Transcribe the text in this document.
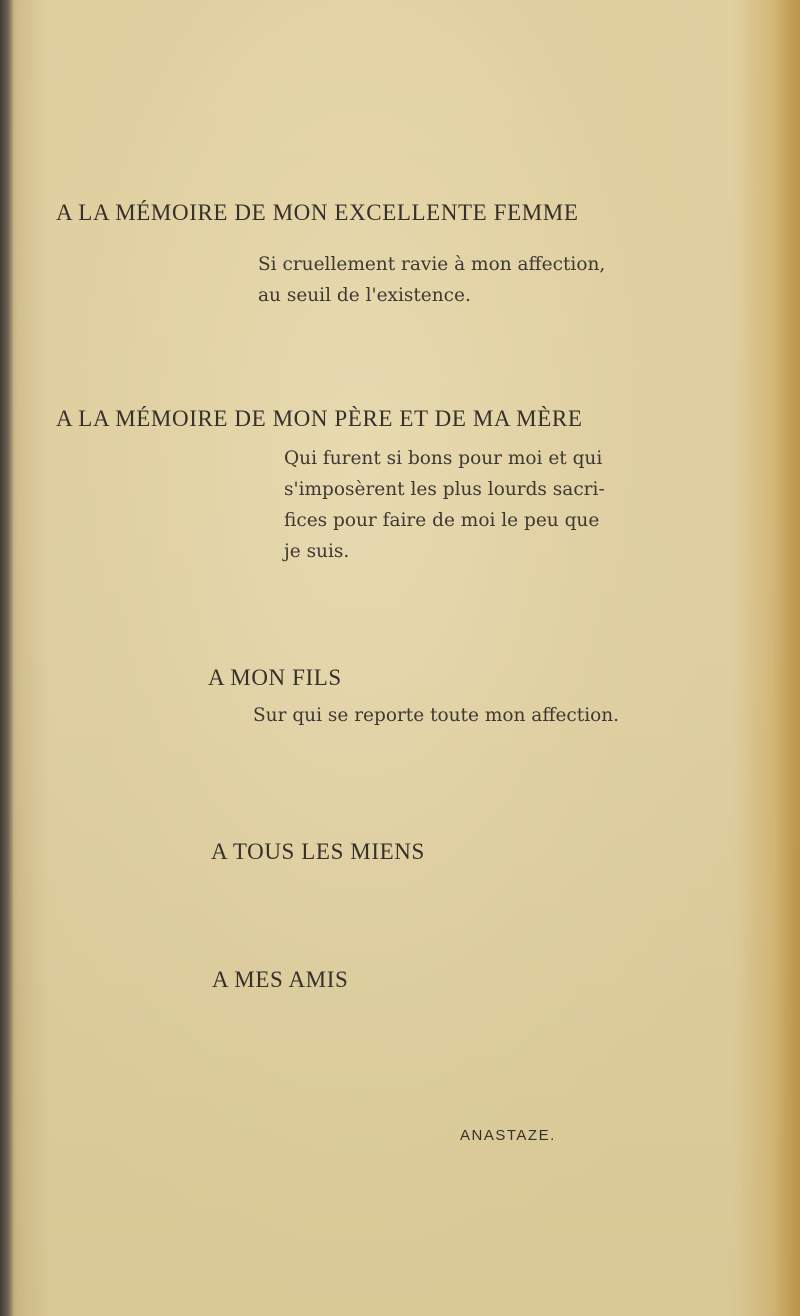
A LA MÉMOIRE DE MON EXCELLENTE FEMME
Si cruellement ravie à mon affection,
au seuil de l'existence.
A LA MÉMOIRE DE MON PÈRE ET DE MA MÈRE
Qui furent si bons pour moi et qui
s'imposèrent les plus lourds sacri-
fices pour faire de moi le peu que
je suis.
A MON FILS
Sur qui se reporte toute mon affection.
A TOUS LES MIENS
A MES AMIS
ANASTAZE.
